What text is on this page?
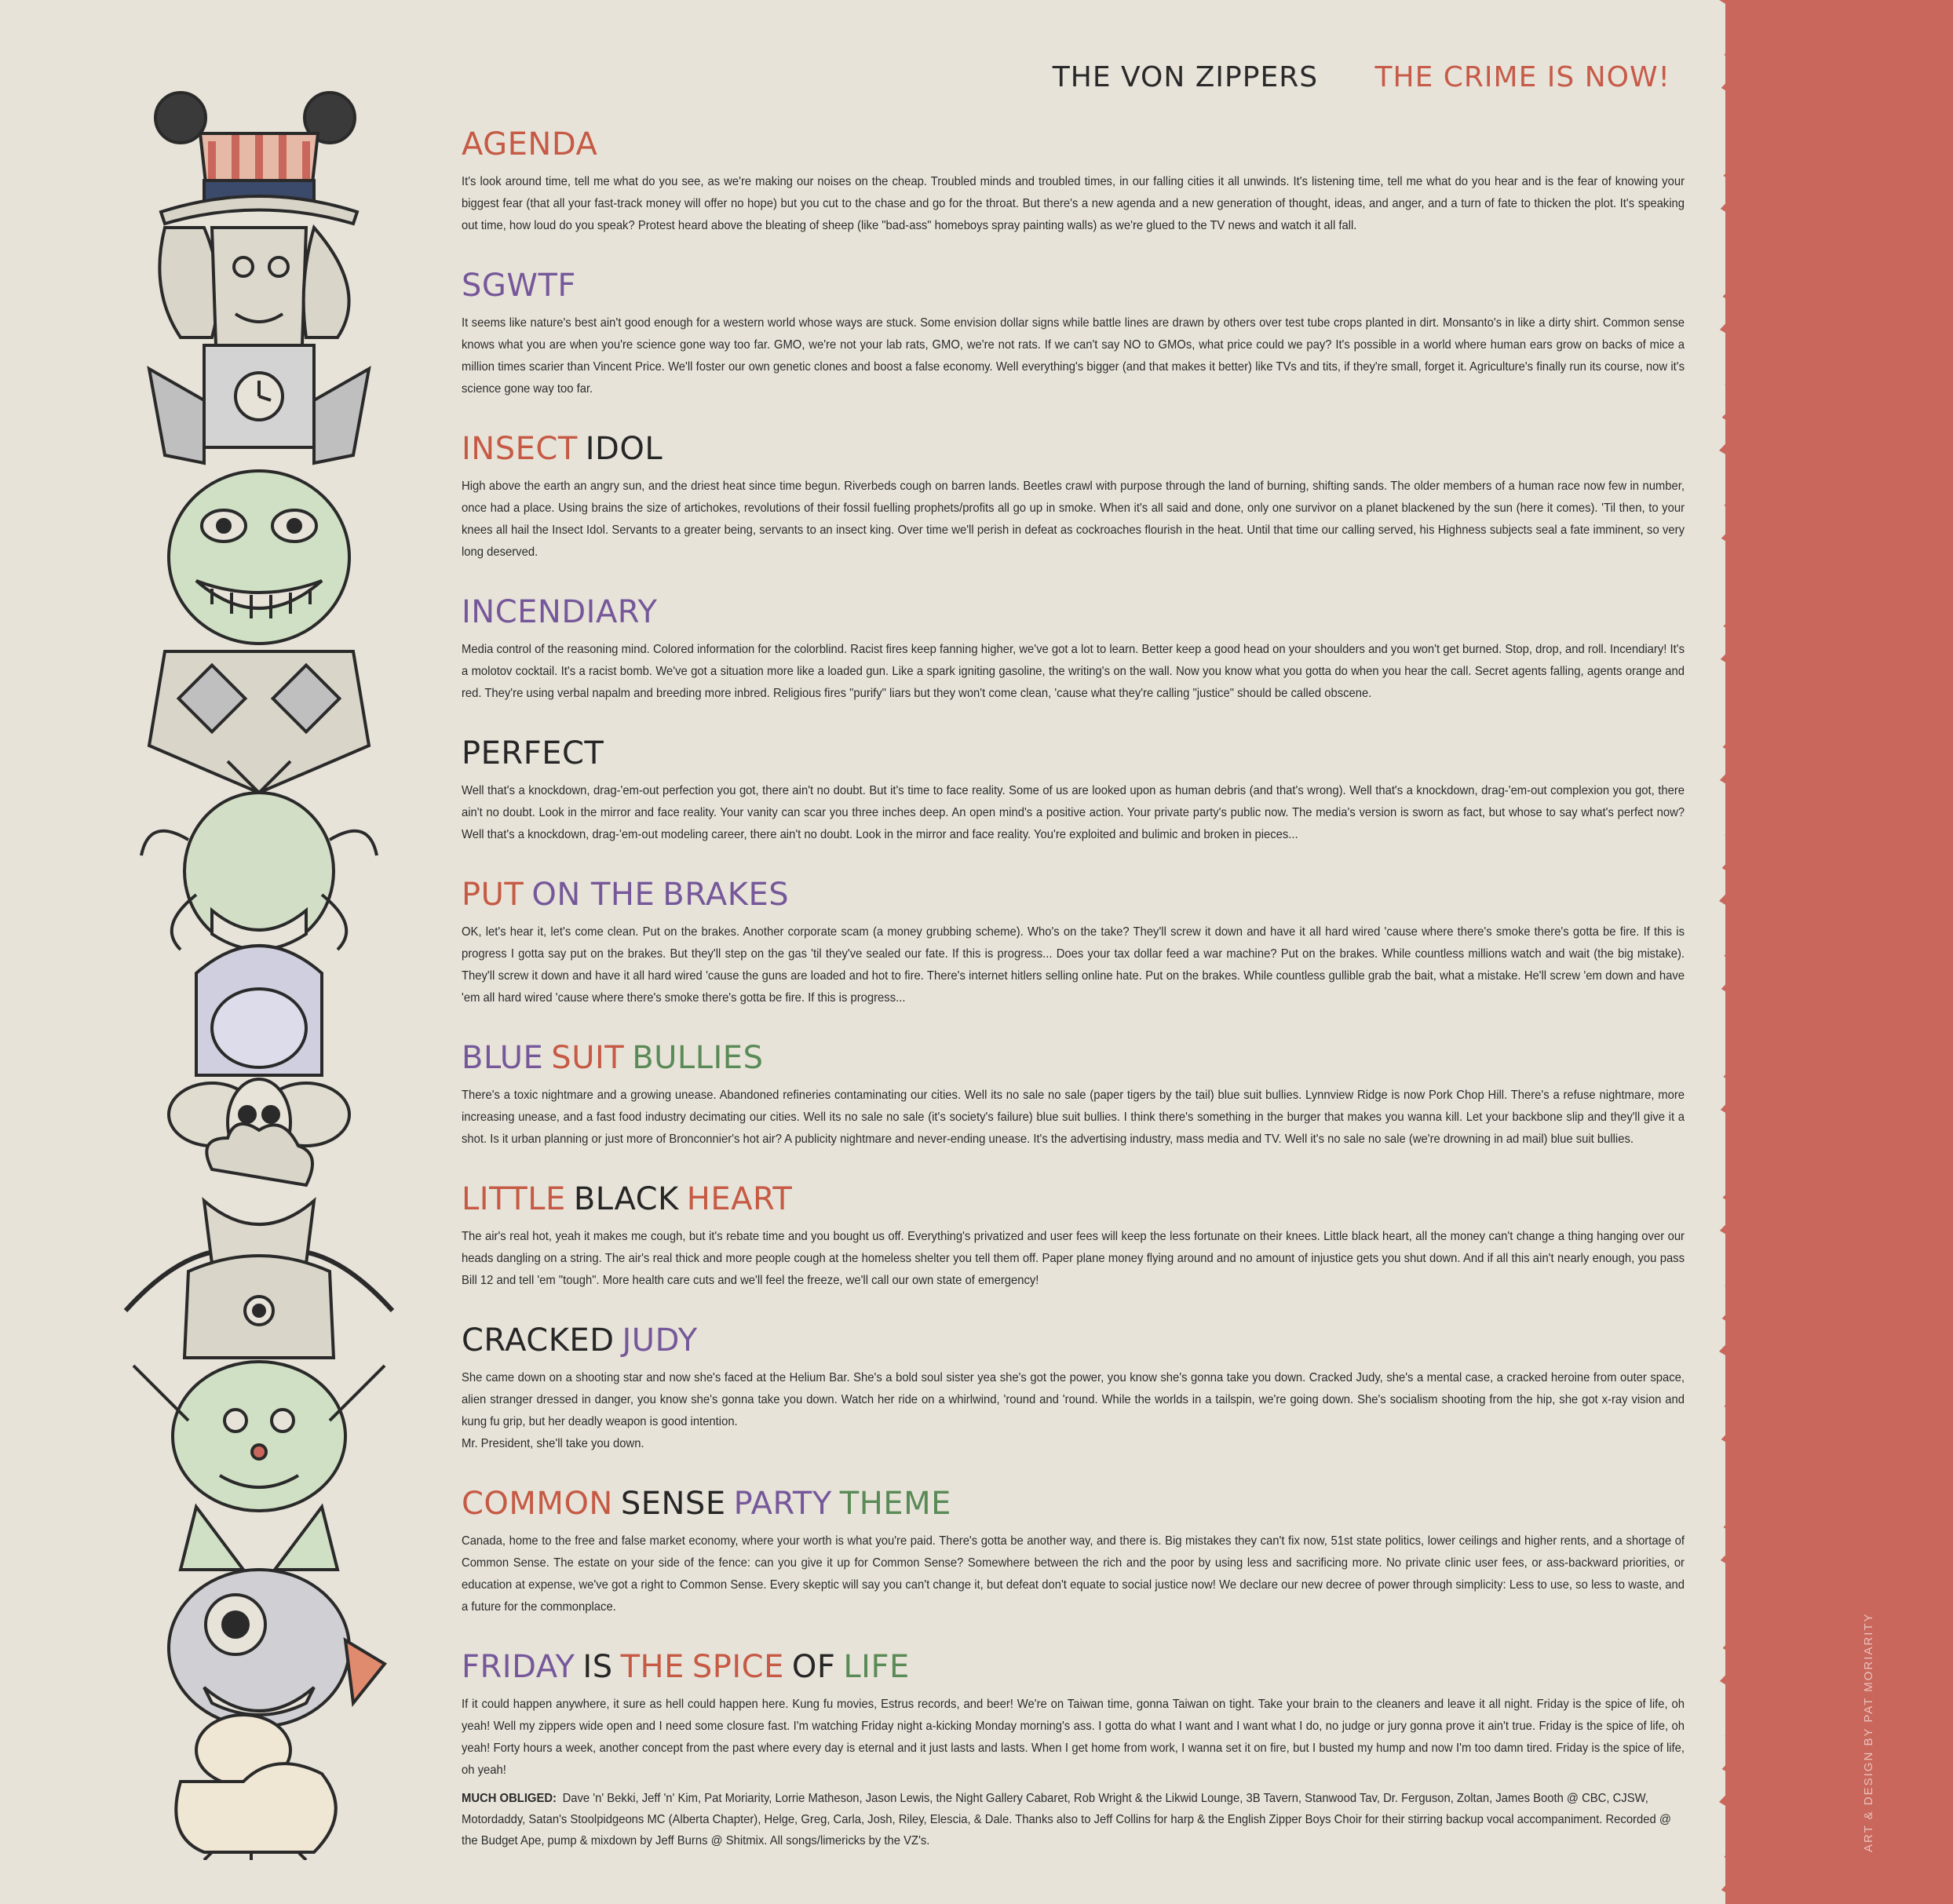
THE VON ZIPPERS THE CRIME IS NOW!
AGENDA

It's look around time, tell me what do you see, as we're making our noises on the cheap. Troubled minds and troubled times, in our falling cities it all unwinds. It's listening time, tell me what do you hear and is the fear of knowing your biggest fear (that all your fast-track money will offer no hope) but you cut to the chase and go for the throat. But there's a new agenda and a new generation of thought, ideas, and anger, and a turn of fate to thicken the plot. It's speaking out time, how loud do you speak? Protest heard above the bleating of sheep (like "bad-ass" homeboys spray painting walls) as we're glued to the TV news and watch it all fall.

SGWTF

It seems like nature's best ain't good enough for a western world whose ways are stuck. Some envision dollar signs while battle lines are drawn by others over test tube crops planted in dirt. Monsanto's in like a dirty shirt. Common sense knows what you are when you're science gone way too far. GMO, we're not your lab rats, GMO, we're not rats. If we can't say NO to GMOs, what price could we pay? It's possible in a world where human ears grow on backs of mice a million times scarier than Vincent Price. We'll foster our own genetic clones and boost a false economy. Well everything's bigger (and that makes it better) like TVs and tits, if they're small, forget it. Agriculture's finally run its course, now it's science gone way too far.

INSECT IDOL

High above the earth an angry sun, and the driest heat since time begun. Riverbeds cough on barren lands. Beetles crawl with purpose through the land of burning, shifting sands. The older members of a human race now few in number, once had a place. Using brains the size of artichokes, revolutions of their fossil fuelling prophets/profits all go up in smoke. When it's all said and done, only one survivor on a planet blackened by the sun (here it comes). 'Til then, to your knees all hail the Insect Idol. Servants to a greater being, servants to an insect king. Over time we'll perish in defeat as cockroaches flourish in the heat. Until that time our calling served, his Highness subjects seal a fate imminent, so very long deserved.

INCENDIARY

Media control of the reasoning mind. Colored information for the colorblind. Racist fires keep fanning higher, we've got a lot to learn. Better keep a good head on your shoulders and you won't get burned. Stop, drop, and roll. Incendiary! It's a molotov cocktail. It's a racist bomb. We've got a situation more like a loaded gun. Like a spark igniting gasoline, the writing's on the wall. Now you know what you gotta do when you hear the call. Secret agents falling, agents orange and red. They're using verbal napalm and breeding more inbred. Religious fires "purify" liars but they won't come clean, 'cause what they're calling "justice" should be called obscene.

PERFECT

Well that's a knockdown, drag-'em-out perfection you got, there ain't no doubt. But it's time to face reality. Some of us are looked upon as human debris (and that's wrong). Well that's a knockdown, drag-'em-out complexion you got, there ain't no doubt. Look in the mirror and face reality. Your vanity can scar you three inches deep. An open mind's a positive action. Your private party's public now. The media's version is sworn as fact, but whose to say what's perfect now? Well that's a knockdown, drag-'em-out modeling career, there ain't no doubt. Look in the mirror and face reality. You're exploited and bulimic and broken in pieces...

PUT ON THE BRAKES

OK, let's hear it, let's come clean. Put on the brakes. Another corporate scam (a money grubbing scheme). Who's on the take? They'll screw it down and have it all hard wired 'cause where there's smoke there's gotta be fire. If this is progress I gotta say put on the brakes. But they'll step on the gas 'til they've sealed our fate. If this is progress... Does your tax dollar feed a war machine? Put on the brakes. While countless millions watch and wait (the big mistake). They'll screw it down and have it all hard wired 'cause the guns are loaded and hot to fire. There's internet hitlers selling online hate. Put on the brakes. While countless gullible grab the bait, what a mistake. He'll screw 'em down and have 'em all hard wired 'cause where there's smoke there's gotta be fire. If this is progress...

BLUE SUIT BULLIES

There's a toxic nightmare and a growing unease. Abandoned refineries contaminating our cities. Well its no sale no sale (paper tigers by the tail) blue suit bullies. Lynnview Ridge is now Pork Chop Hill. There's a refuse nightmare, more increasing unease, and a fast food industry decimating our cities. Well its no sale no sale (it's society's failure) blue suit bullies. I think there's something in the burger that makes you wanna kill. Let your backbone slip and they'll give it a shot. Is it urban planning or just more of Bronconnier's hot air? A publicity nightmare and never-ending unease. It's the advertising industry, mass media and TV. Well it's no sale no sale (we're drowning in ad mail) blue suit bullies.

LITTLE BLACK HEART

The air's real hot, yeah it makes me cough, but it's rebate time and you bought us off. Everything's privatized and user fees will keep the less fortunate on their knees. Little black heart, all the money can't change a thing hanging over our heads dangling on a string. The air's real thick and more people cough at the homeless shelter you tell them off. Paper plane money flying around and no amount of injustice gets you shut down. And if all this ain't nearly enough, you pass Bill 12 and tell 'em "tough". More health care cuts and we'll feel the freeze, we'll call our own state of emergency!

CRACKED JUDY

She came down on a shooting star and now she's faced at the Helium Bar. She's a bold soul sister yea she's got the power, you know she's gonna take you down. Cracked Judy, she's a mental case, a cracked heroine from outer space, alien stranger dressed in danger, you know she's gonna take you down. Watch her ride on a whirlwind, 'round and 'round. While the worlds in a tailspin, we're going down. She's socialism shooting from the hip, she got x-ray vision and kung fu grip, but her deadly weapon is good intention.
Mr. President, she'll take you down.

COMMON SENSE PARTY THEME

Canada, home to the free and false market economy, where your worth is what you're paid. There's gotta be another way, and there is. Big mistakes they can't fix now, 51st state politics, lower ceilings and higher rents, and a shortage of Common Sense. The estate on your side of the fence: can you give it up for Common Sense? Somewhere between the rich and the poor by using less and sacrificing more. No private clinic user fees, or ass-backward priorities, or education at expense, we've got a right to Common Sense. Every skeptic will say you can't change it, but defeat don't equate to social justice now! We declare our new decree of power through simplicity: Less to use, so less to waste, and a future for the commonplace.

FRIDAY IS THE SPICE OF LIFE

If it could happen anywhere, it sure as hell could happen here. Kung fu movies, Estrus records, and beer! We're on Taiwan time, gonna Taiwan on tight. Take your brain to the cleaners and leave it all night. Friday is the spice of life, oh yeah! Well my zippers wide open and I need some closure fast. I'm watching Friday night a-kicking Monday morning's ass. I gotta do what I want and I want what I do, no judge or jury gonna prove it ain't true. Friday is the spice of life, oh yeah! Forty hours a week, another concept from the past where every day is eternal and it just lasts and lasts. When I get home from work, I wanna set it on fire, but I busted my hump and now I'm too damn tired. Friday is the spice of life, oh yeah!

MUCH OBLIGED: Dave 'n' Bekki, Jeff 'n' Kim, Pat Moriarity, Lorrie Matheson, Jason Lewis, the Night Gallery Cabaret, Rob Wright & the Likwid Lounge, 3B Tavern, Stanwood Tav, Dr. Ferguson, Zoltan, James Booth @ CBC, CJSW, Motordaddy, Satan's Stoolpidgeons MC (Alberta Chapter), Helge, Greg, Carla, Josh, Riley, Elescia, & Dale. Thanks also to Jeff Collins for harp & the English Zipper Boys Choir for their stirring backup vocal accompaniment. Recorded @ the Budget Ape, pump & mixdown by Jeff Burns @ Shitmix. All songs/limericks by the VZ's.	ART & DESIGN BY PAT MORIARITY
